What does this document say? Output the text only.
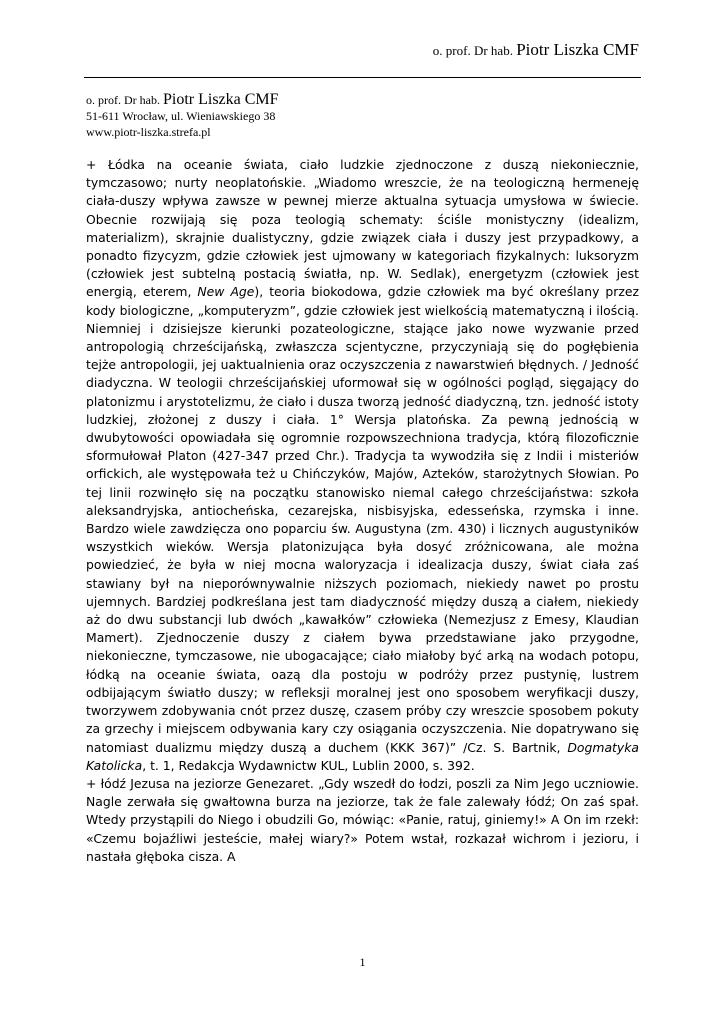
o. prof. Dr hab. Piotr Liszka CMF
o. prof. Dr hab. Piotr Liszka CMF
51-611 Wrocław, ul. Wieniawskiego 38
www.piotr-liszka.strefa.pl

+ Łódka na oceanie świata, ciało ludzkie zjednoczone z duszą niekoniecznie, tymczasowo; nurty neoplatońskie. „Wiadomo wreszcie, że na teologiczną hermeneję ciała-duszy wpływa zawsze w pewnej mierze aktualna sytuacja umysłowa w świecie. Obecnie rozwijają się poza teologią schematy: ściśle monistyczny (idealizm, materializm), skrajnie dualistyczny, gdzie związek ciała i duszy jest przypadkowy, a ponadto fizycyzm, gdzie człowiek jest ujmowany w kategoriach fizykalnych: luksoryzm (człowiek jest subtelną postacią światła, np. W. Sedlak), energetyzm (człowiek jest energią, eterem, New Age), teoria biokodowa, gdzie człowiek ma być określany przez kody biologiczne, „komputeryzm”, gdzie człowiek jest wielkością matematyczną i ilością. Niemniej i dzisiejsze kierunki pozateologiczne, stające jako nowe wyzwanie przed antropologią chrześcijańską, zwłaszcza scjentyczne, przyczyniają się do pogłębienia tejże antropologii, jej uaktualnienia oraz oczyszczenia z nawarstwień błędnych. / Jedność diadyczna. W teologii chrześcijańskiej uformował się w ogólności pogląd, sięgający do platonizmu i arystotelizmu, że ciało i dusza tworzą jedność diadyczną, tzn. jedność istoty ludzkiej, złożonej z duszy i ciała. 1° Wersja platońska. Za pewną jednością w dwubytowości opowiadała się ogromnie rozpowszechniona tradycja, którą filozoficznie sformułował Platon (427-347 przed Chr.). Tradycja ta wywodziła się z Indii i misteriów orfickich, ale występowała też u Chińczyków, Majów, Azteków, starożytnych Słowian. Po tej linii rozwinęło się na początku stanowisko niemal całego chrześcijaństwa: szkoła aleksandryjska, antiocheńska, cezarejska, nisbisyjska, edesseńska, rzymska i inne. Bardzo wiele zawdzięcza ono poparciu św. Augustyna (zm. 430) i licznych augustyników wszystkich wieków. Wersja platonizująca była dosyć zróżnicowana, ale można powiedzieć, że była w niej mocna waloryzacja i idealizacja duszy, świat ciała zaś stawiany był na nieporównywalnie niższych poziomach, niekiedy nawet po prostu ujemnych. Bardziej podkreślana jest tam diadyczność między duszą a ciałem, niekiedy aż do dwu substancji lub dwóch „kawałków” człowieka (Nemezjusz z Emesy, Klaudian Mamert). Zjednoczenie duszy z ciałem bywa przedstawiane jako przygodne, niekonieczne, tymczasowe, nie ubogacające; ciało miałoby być arką na wodach potopu, łódką na oceanie świata, oazą dla postoju w podróży przez pustynię, lustrem odbijającym światło duszy; w refleksji moralnej jest ono sposobem weryfikacji duszy, tworzywem zdobywania cnót przez duszę, czasem próby czy wreszcie sposobem pokuty za grzechy i miejscem odbywania kary czy osiągania oczyszczenia. Nie dopatrywano się natomiast dualizmu między duszą a duchem (KKK 367)” /Cz. S. Bartnik, Dogmatyka Katolicka, t. 1, Redakcja Wydawnictw KUL, Lublin 2000, s. 392.

+ łódź Jezusa na jeziorze Genezaret. „Gdy wszedł do łodzi, poszli za Nim Jego uczniowie. Nagle zerwała się gwałtowna burza na jeziorze, tak że fale zalewały łódź; On zaś spał. Wtedy przystąpili do Niego i obudzili Go, mówiąc: «Panie, ratuj, giniemy!» A On im rzekł: «Czemu bojaźliwi jesteście, małej wiary?» Potem wstał, rozkazał wichrom i jezioru, i nastała głęboka cisza. A

1
